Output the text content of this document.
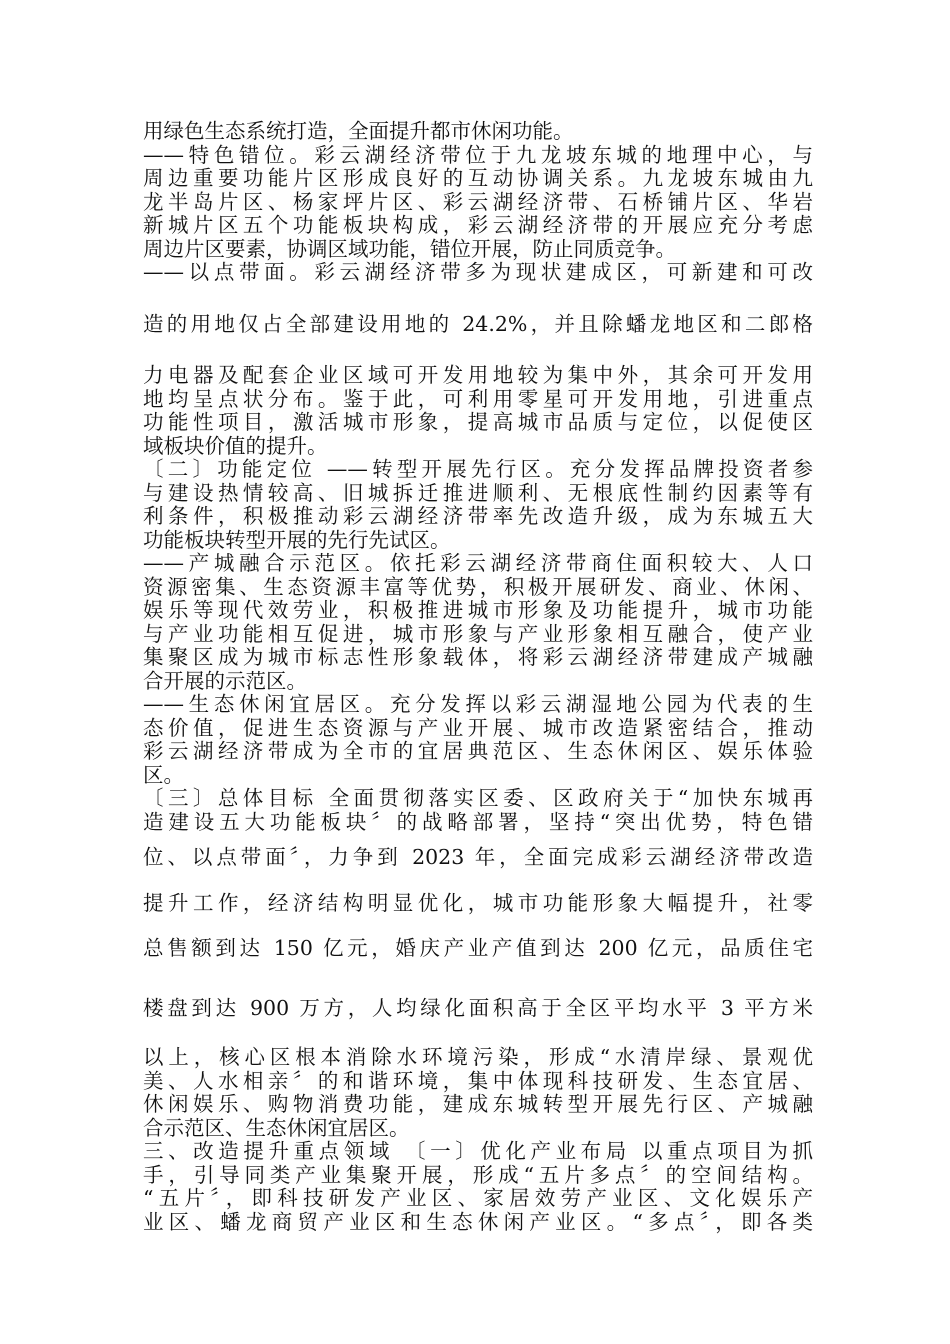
用绿色生态系统打造，全面提升都市休闲功能。
——特色错位。彩云湖经济带位于九龙坡东城的地理中心，与
周边重要功能片区形成良好的互动协调关系。九龙坡东城由九
龙半岛片区、杨家坪片区、彩云湖经济带、石桥铺片区、华岩
新城片区五个功能板块构成，彩云湖经济带的开展应充分考虑
周边片区要素，协调区域功能，错位开展，防止同质竞争。
——以点带面。彩云湖经济带多为现状建成区，可新建和可改
造的用地仅占全部建设用地的 24.2%，并且除蟠龙地区和二郎格
力电器及配套企业区域可开发用地较为集中外，其余可开发用
地均呈点状分布。鉴于此，可利用零星可开发用地，引进重点
功能性项目，激活城市形象，提高城市品质与定位，以促使区
域板块价值的提升。
〔二〕功能定位 ——转型开展先行区。充分发挥品牌投资者参
与建设热情较高、旧城拆迁推进顺利、无根底性制约因素等有
利条件，积极推动彩云湖经济带率先改造升级，成为东城五大
功能板块转型开展的先行先试区。
——产城融合示范区。依托彩云湖经济带商住面积较大、人口
资源密集、生态资源丰富等优势，积极开展研发、商业、休闲、
娱乐等现代效劳业，积极推进城市形象及功能提升，城市功能
与产业功能相互促进，城市形象与产业形象相互融合，使产业
集聚区成为城市标志性形象载体，将彩云湖经济带建成产城融
合开展的示范区。
——生态休闲宜居区。充分发挥以彩云湖湿地公园为代表的生
态价值，促进生态资源与产业开展、城市改造紧密结合，推动
彩云湖经济带成为全市的宜居典范区、生态休闲区、娱乐体验
区。
〔三〕总体目标 全面贯彻落实区委、区政府关于“加快东城再
造建设五大功能板块〞的战略部署，坚持“突出优势，特色错
位、以点带面〞，力争到 2023 年，全面完成彩云湖经济带改造
提升工作，经济结构明显优化，城市功能形象大幅提升，社零
总售额到达 150 亿元，婚庆产业产值到达 200 亿元，品质住宅
楼盘到达 900 万方，人均绿化面积高于全区平均水平 3 平方米
以上，核心区根本消除水环境污染，形成“水清岸绿、景观优
美、人水相亲〞的和谐环境，集中体现科技研发、生态宜居、
休闲娱乐、购物消费功能，建成东城转型开展先行区、产城融
合示范区、生态休闲宜居区。
三、改造提升重点领域 〔一〕优化产业布局 以重点项目为抓
手，引导同类产业集聚开展，形成“五片多点〞的空间结构。
“五片〞，即科技研发产业区、家居效劳产业区、文化娱乐产
业区、蟠龙商贸产业区和生态休闲产业区。“多点〞，即各类
